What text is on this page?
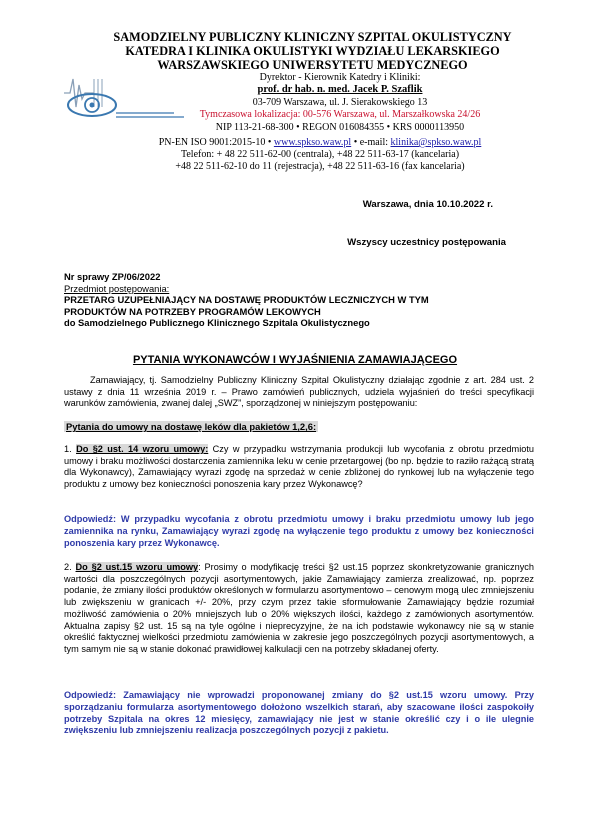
SAMODZIELNY PUBLICZNY KLINICZNY SZPITAL OKULISTYCZNY
KATEDRA I KLINIKA OKULISTYKI WYDZIAŁU LEKARSKIEGO
WARSZAWSKIEGO UNIWERSYTETU MEDYCZNEGO
Dyrektor - Kierownik Katedry i Kliniki:
prof. dr hab. n. med. Jacek P. Szaflik
03-709 Warszawa, ul. J. Sierakowskiego 13
Tymczasowa lokalizacja: 00-576 Warszawa, ul. Marszałkowska 24/26
NIP 113-21-68-300 • REGON 016084355 • KRS 0000113950
PN-EN ISO 9001:2015-10 • www.spkso.waw.pl • e-mail: klinika@spkso.waw.pl
Telefon: + 48 22 511-62-00 (centrala), +48 22 511-63-17 (kancelaria)
+48 22 511-62-10 do 11 (rejestracja), +48 22 511-63-16 (fax kancelaria)
Warszawa, dnia 10.10.2022 r.
Wszyscy uczestnicy postępowania
Nr sprawy ZP/06/2022
Przedmiot postępowania:
PRZETARG UZUPEŁNIAJĄCY NA DOSTAWĘ PRODUKTÓW LECZNICZYCH W TYM
PRODUKTÓW NA POTRZEBY PROGRAMÓW LEKOWYCH
do Samodzielnego Publicznego Klinicznego Szpitala Okulistycznego
PYTANIA WYKONAWCÓW I WYJAŚNIENIA ZAMAWIAJĄCEGO

Zamawiający, tj. Samodzielny Publiczny Kliniczny Szpital Okulistyczny działając zgodnie z art. 284 ust. 2 ustawy z dnia 11 września 2019 r. – Prawo zamówień publicznych, udziela wyjaśnień do treści specyfikacji warunków zamówienia, zwanej dalej „SWZ”, sporządzonej w niniejszym postępowaniu:

Pytania do umowy na dostawę leków dla pakietów 1,2,6:
1. Do §2 ust. 14 wzoru umowy: Czy w przypadku wstrzymania produkcji lub wycofania z obrotu przedmiotu umowy i braku możliwości dostarczenia zamiennika leku w cenie przetargowej (bo np. będzie to raziło rażącą stratą dla Wykonawcy), Zamawiający wyrazi zgodę na sprzedaż w cenie zbliżonej do rynkowej lub na wyłączenie tego produktu z umowy bez konieczności ponoszenia kary przez Wykonawcę?
Odpowiedź: W przypadku wycofania z obrotu przedmiotu umowy i braku przedmiotu umowy lub jego zamiennika na rynku, Zamawiający wyrazi zgodę na wyłączenie tego produktu z umowy bez konieczności ponoszenia kary przez Wykonawcę.
2. Do §2 ust.15 wzoru umowy: Prosimy o modyfikację treści §2 ust.15 poprzez skonkretyzowanie granicznych wartości dla poszczególnych pozycji asortymentowych, jakie Zamawiający zamierza zrealizować, np. poprzez podanie, że zmiany ilości produktów określonych w formularzu asortymentowo – cenowym mogą ulec zmniejszeniu lub zwiększeniu w granicach +/- 20%, przy czym przez takie sformułowanie Zamawiający będzie rozumiał możliwość zamówienia o 20% mniejszych lub o 20% większych ilości, każdego z zamówionych asortymentów. Aktualna zapisy §2 ust. 15 są na tyle ogólne i nieprecyzyjne, że na ich podstawie wykonawcy nie są w stanie określić faktycznej wielkości przedmiotu zamówienia w zakresie jego poszczególnych pozycji asortymentowych, a tym samym nie są w stanie dokonać prawidłowej kalkulacji cen na potrzeby składanej oferty.
Odpowiedź: Zamawiający nie wprowadzi proponowanej zmiany do §2 ust.15 wzoru umowy. Przy sporządzaniu formularza asortymentowego dołożono wszelkich starań, aby szacowane ilości zaspokoiły potrzeby Szpitala na okres 12 miesięcy, zamawiający nie jest w stanie określić czy i o ile ulegnie zwiększeniu lub zmniejszeniu realizacja poszczególnych pozycji z pakietu.
